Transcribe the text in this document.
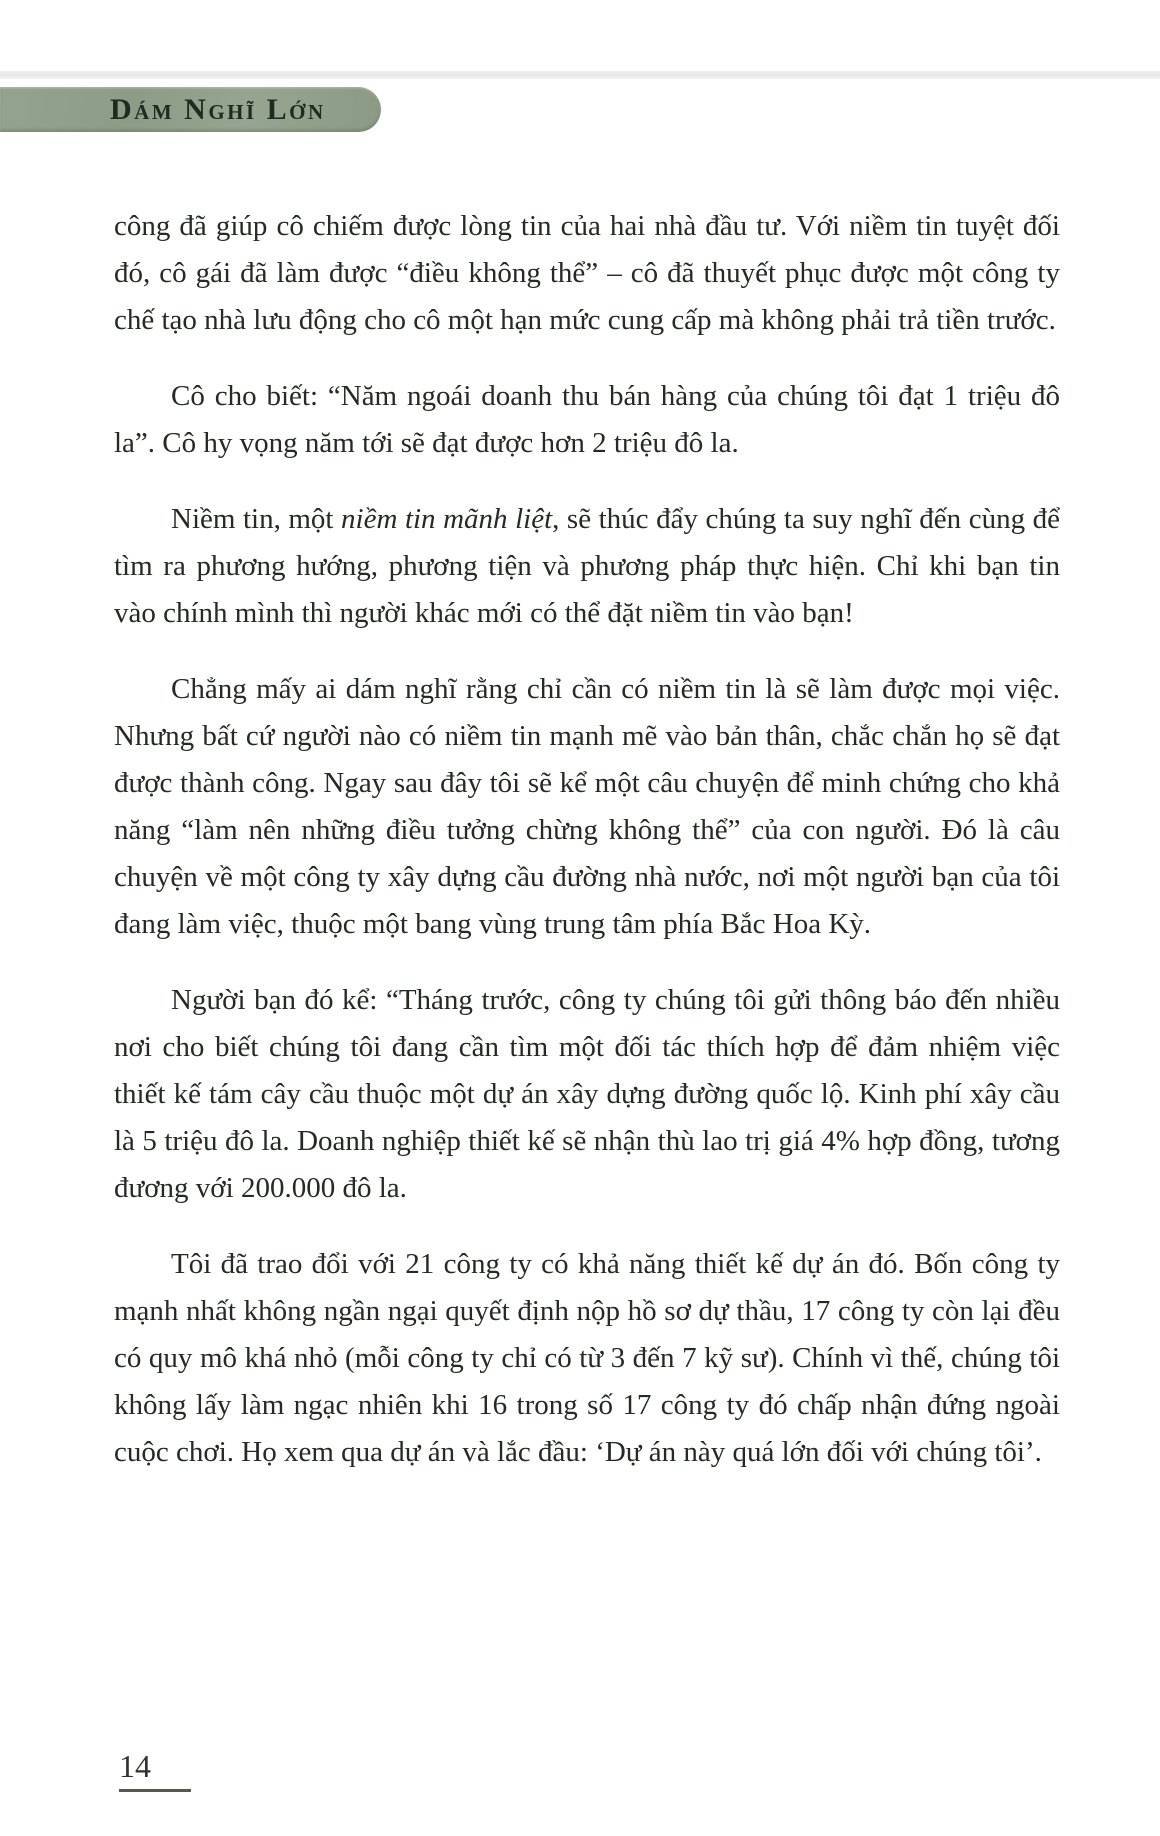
Dám Nghĩ Lớn

công đã giúp cô chiếm được lòng tin của hai nhà đầu tư. Với niềm tin tuyệt đối đó, cô gái đã làm được “điều không thể” – cô đã thuyết phục được một công ty chế tạo nhà lưu động cho cô một hạn mức cung cấp mà không phải trả tiền trước.

Cô cho biết: “Năm ngoái doanh thu bán hàng của chúng tôi đạt 1 triệu đô la”. Cô hy vọng năm tới sẽ đạt được hơn 2 triệu đô la.

Niềm tin, một niềm tin mãnh liệt, sẽ thúc đẩy chúng ta suy nghĩ đến cùng để tìm ra phương hướng, phương tiện và phương pháp thực hiện. Chỉ khi bạn tin vào chính mình thì người khác mới có thể đặt niềm tin vào bạn!

Chẳng mấy ai dám nghĩ rằng chỉ cần có niềm tin là sẽ làm được mọi việc. Nhưng bất cứ người nào có niềm tin mạnh mẽ vào bản thân, chắc chắn họ sẽ đạt được thành công. Ngay sau đây tôi sẽ kể một câu chuyện để minh chứng cho khả năng “làm nên những điều tưởng chừng không thể” của con người. Đó là câu chuyện về một công ty xây dựng cầu đường nhà nước, nơi một người bạn của tôi đang làm việc, thuộc một bang vùng trung tâm phía Bắc Hoa Kỳ.

Người bạn đó kể: “Tháng trước, công ty chúng tôi gửi thông báo đến nhiều nơi cho biết chúng tôi đang cần tìm một đối tác thích hợp để đảm nhiệm việc thiết kế tám cây cầu thuộc một dự án xây dựng đường quốc lộ. Kinh phí xây cầu là 5 triệu đô la. Doanh nghiệp thiết kế sẽ nhận thù lao trị giá 4% hợp đồng, tương đương với 200.000 đô la.

Tôi đã trao đổi với 21 công ty có khả năng thiết kế dự án đó. Bốn công ty mạnh nhất không ngần ngại quyết định nộp hồ sơ dự thầu, 17 công ty còn lại đều có quy mô khá nhỏ (mỗi công ty chỉ có từ 3 đến 7 kỹ sư). Chính vì thế, chúng tôi không lấy làm ngạc nhiên khi 16 trong số 17 công ty đó chấp nhận đứng ngoài cuộc chơi. Họ xem qua dự án và lắc đầu: ‘Dự án này quá lớn đối với chúng tôi’.

14
